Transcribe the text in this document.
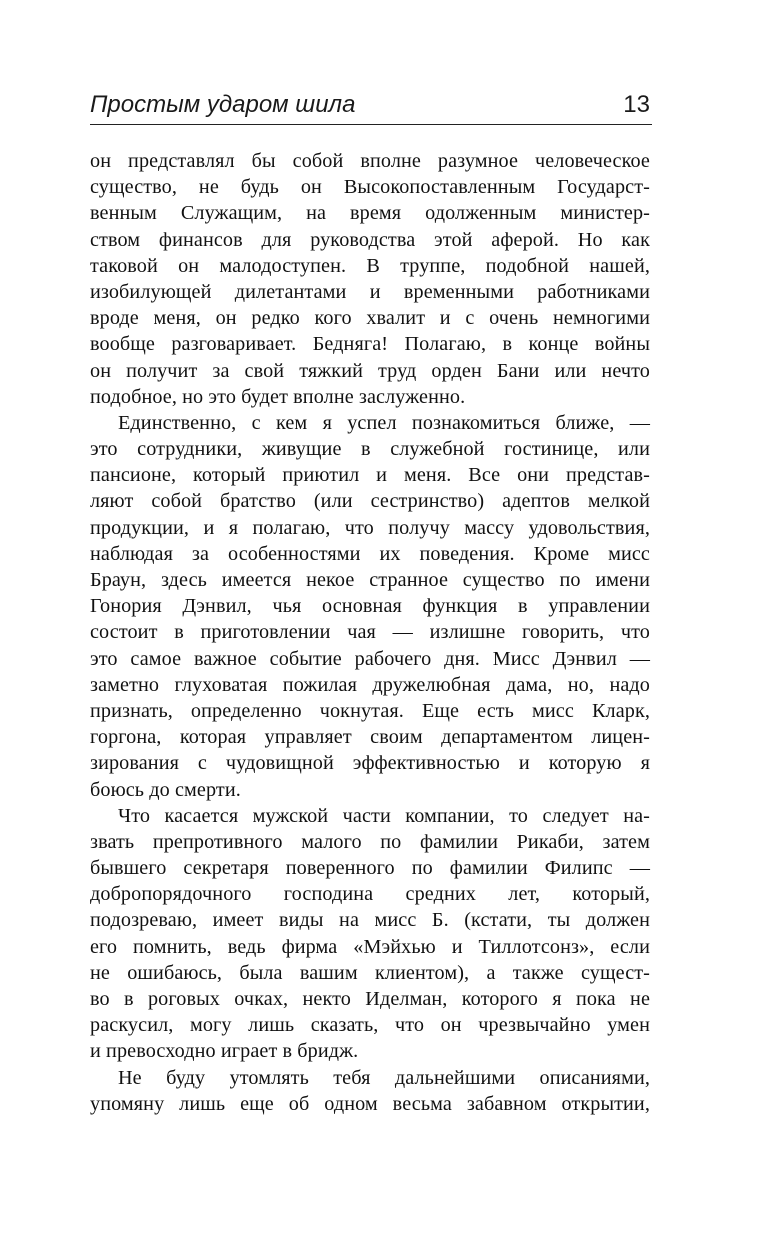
Простым ударом шила	13

он представлял бы собой вполне разумное человеческое
существо, не будь он Высокопоставленным Государст-
венным Служащим, на время одолженным министер-
ством финансов для руководства этой аферой. Но как
таковой он малодоступен. В труппе, подобной нашей,
изобилующей дилетантами и временными работниками
вроде меня, он редко кого хвалит и с очень немногими
вообще разговаривает. Бедняга! Полагаю, в конце войны
он получит за свой тяжкий труд орден Бани или нечто
подобное, но это будет вполне заслуженно.

Единственно, с кем я успел познакомиться ближе, —
это сотрудники, живущие в служебной гостинице, или
пансионе, который приютил и меня. Все они представ-
ляют собой братство (или сестринство) адептов мелкой
продукции, и я полагаю, что получу массу удовольствия,
наблюдая за особенностями их поведения. Кроме мисс
Браун, здесь имеется некое странное существо по имени
Гонория Дэнвил, чья основная функция в управлении
состоит в приготовлении чая — излишне говорить, что
это самое важное событие рабочего дня. Мисс Дэнвил —
заметно глуховатая пожилая дружелюбная дама, но, надо
признать, определенно чокнутая. Еще есть мисс Кларк,
горгона, которая управляет своим департаментом лицен-
зирования с чудовищной эффективностью и которую я
боюсь до смерти.

Что касается мужской части компании, то следует на-
звать препротивного малого по фамилии Рикаби, затем
бывшего секретаря поверенного по фамилии Филипс —
добропорядочного господина средних лет, который,
подозреваю, имеет виды на мисс Б. (кстати, ты должен
его помнить, ведь фирма «Мэйхью и Тиллотсонз», если
не ошибаюсь, была вашим клиентом), а также сущест-
во в роговых очках, некто Иделман, которого я пока не
раскусил, могу лишь сказать, что он чрезвычайно умен
и превосходно играет в бридж.

Не буду утомлять тебя дальнейшими описаниями,
упомяну лишь еще об одном весьма забавном открытии,
